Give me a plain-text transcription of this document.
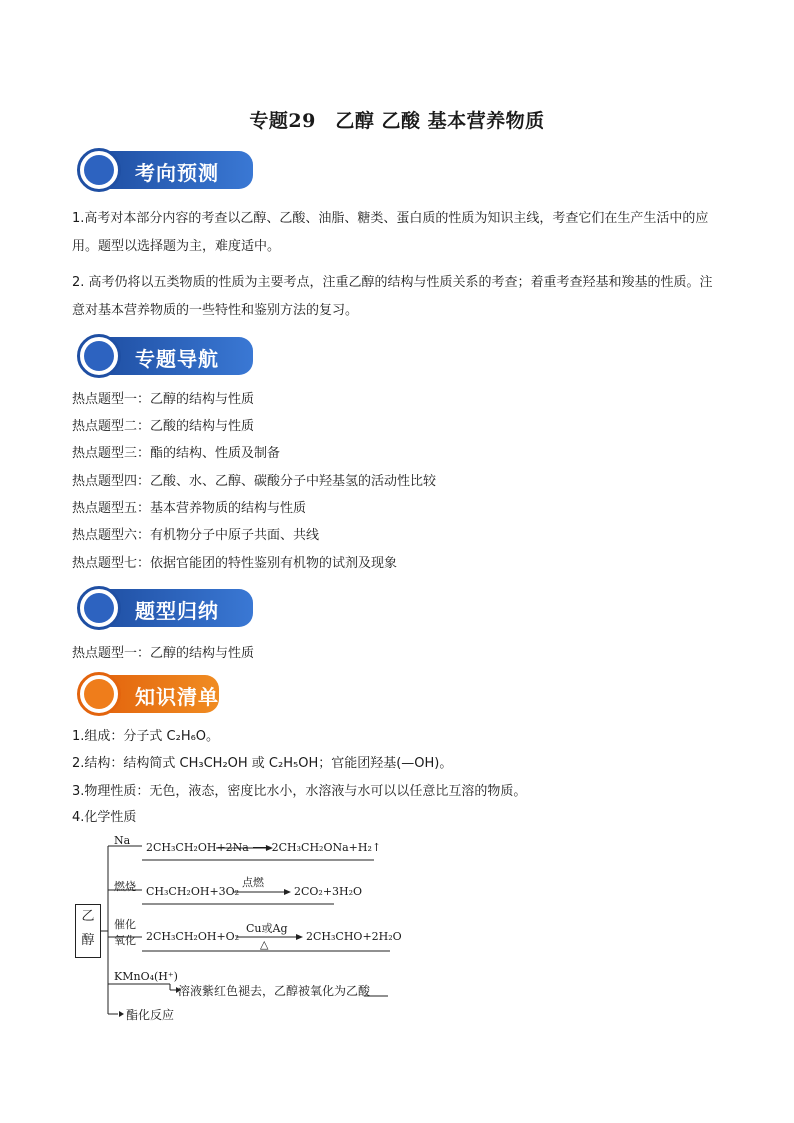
专题29　乙醇 乙酸 基本营养物质
考向预测
1.高考对本部分内容的考查以乙醇、乙酸、油脂、糖类、蛋白质的性质为知识主线，考查它们在生产生活中的应用。题型以选择题为主，难度适中。
2. 高考仍将以五类物质的性质为主要考点，注重乙醇的结构与性质关系的考查；着重考查羟基和羧基的性质。注意对基本营养物质的一些特性和鉴别方法的复习。
专题导航
热点题型一：乙醇的结构与性质
热点题型二：乙酸的结构与性质
热点题型三：酯的结构、性质及制备
热点题型四：乙酸、水、乙醇、碳酸分子中羟基氢的活动性比较
热点题型五：基本营养物质的结构与性质
热点题型六：有机物分子中原子共面、共线
热点题型七：依据官能团的特性鉴别有机物的试剂及现象
题型归纳
热点题型一：乙醇的结构与性质
知识清单
1.组成：分子式 C₂H₆O。
2.结构：结构简式 CH₃CH₂OH 或 C₂H₅OH；官能团羟基(—OH)。
3.物理性质：无色，液态，密度比水小，水溶液与水可以以任意比互溶的物质。
4.化学性质
乙
醇
Na
2CH₃CH₂OH+2Na ⟶ 2CH₃CH₂ONa+H₂↑
燃烧 CH₃CH₂OH+3O₂
点燃
2CO₂+3H₂O
催化
氧化 2CH₃CH₂OH+O₂
Cu或Ag
△
2CH₃CHO+2H₂O
KMnO₄(H⁺)
溶液紫红色褪去，乙醇被氧化为乙酸
酯化反应
